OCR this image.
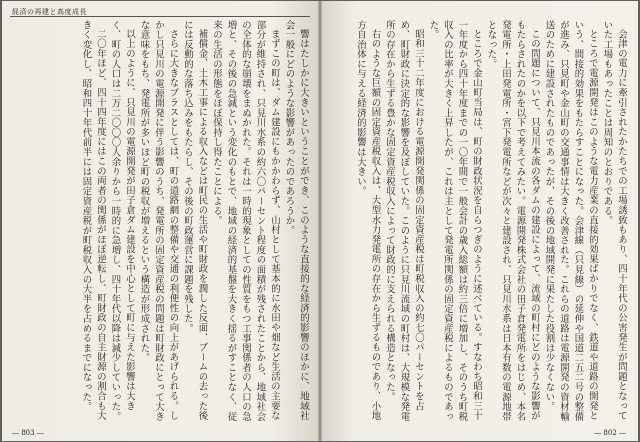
経済の再建と高度成長

響はたしかに大きいということができ、このような直接的な経済的影響のほかに、地域社会一般にどのような影響があったのであろうか。

まずこの町は、ダム建設にもかかわらず、山村として基本的に水田や畑など生活の主要な部分が維持され、只見川水系の約六〇パーセント程度の面積が残されたことから、地域社会の全体的な崩壊をまぬかれた。それは一時的現象としての性質をもつ工事関係者の人口の急増と、その後の急減という変化のもとで、地域の経済的基盤を大きく揺るがすことなく、従来の生活の形態をほぼ保持し得たことによる。

補償金、土木工事による収入などは町民の生活や町財政を潤した反面、ブームの去った後には反動的な落ち込みをもたらし、その後の町政運営に課題を残した。

さらに大きなプラスとしては、町の道路網の整備や交通の利便性の向上があげられる。しかし只見川の電源開発に伴う影響のうち、発電所の固定資産税の問題は町財政にとって大きな意味をもち、発電所が多いほど町の税収が増えるという構造が形成された。

以上のように、只見川の電源開発が田子倉ダム建設を中心として町に与えた影響は大きく、町の人口は二万二〇〇〇人余りから一時的に急増し、四十年代以降は減少していった。

二〇年ほど、四十四年度にはこの両者の関係がほぼ逆転し、町財政の自主財源の割合も大きく変化し、昭和四十年代前半には固定資産税が町税収入の大半を占めるまでになった。

― 803 ―

会津の電力に牽引されたかたちでの工場誘致もあり、四十年代の公害発生が問題となっていた工場もあったことは周知のとおりである。

ところで電源開発はこのような電力産業の直接的効果ばかりでなく、鉄道や道路の開発という、間接的効果をもたらすことになった。会津線（只見線）の延伸や国道二五二号の整備が進み、只見町や金山町の交通事情は大きく改善された。これらの道路は電源開発の資材輸送のために建設されたものであったが、その後の地域開発に果たした役割は少なくない。

この問題について、只見川本流の各ダムの建設によって、流域の町村にどのような影響がもたらされたのかを以下で考えてみたい。電源開発株式会社の田子倉発電所をはじめ、本名発電所・上田発電所・宮下発電所などが次々と建設され、只見川水系は日本有数の電源地帯となった。

ところで金山町当局は、町の財政状況を自らつぎのように述べている。すなわち昭和三十一年度から四十年度までの一〇年間で一般会計の歳入総額は約三倍に増加し、そのうち町税収入の比率が大きく上昇したが、これは主として発電所関係の固定資産税によるものであった。

昭和三十二年度における電源開発関係の固定資産税は町税収入の約七〇パーセントを占め、町財政に決定的な影響を及ぼしていた。このように只見川流域の町村は、大規模な発電所の存在から生ずる豊かな固定資産税収入によって財政的に支えられる構造となった。

右のような巨額の固定資産税収入は、大型水力発電所の存在から生ずるものであり、小地方自治体に与える経済的影響は大きい。

― 802 ―
